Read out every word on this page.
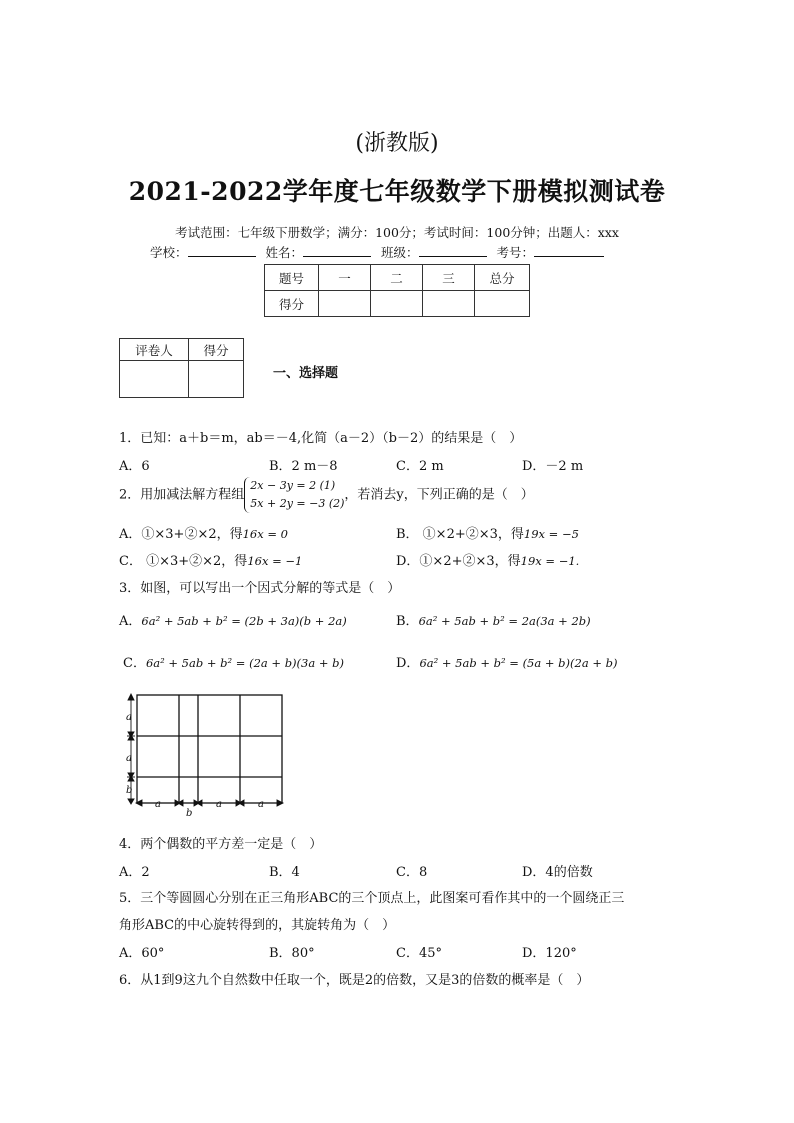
(浙教版)
2021-2022学年度七年级数学下册模拟测试卷
考试范围：七年级下册数学；满分：100分；考试时间：100分钟；出题人：xxx
学校：	姓名：	班级：	考号：
题号	一	二	三	总分
得分				
评卷人	得分

一、选择题
1．已知：a＋b＝m，ab＝－4,化简（a－2）（b－2）的结果是（　）
A．6	B．2 m－8	C．2 m	D．－2 m
2．用加减法解方程组2x − 3y = 2 (1)
5x + 2y = −3 (2)，若消去y，下列正确的是（　）
A．①×3+②×2，得16x = 0	B． ①×2+②×3，得19x = −5
C． ①×3+②×2，得16x = −1	D．①×2+②×3，得19x = −1.
3．如图，可以写出一个因式分解的等式是（　）
A．6a² + 5ab + b² = (2b + 3a)(b + 2a)	B．6a² + 5ab + b² = 2a(3a + 2b)
C．6a² + 5ab + b² = (2a + b)(3a + b)	D．6a² + 5ab + b² = (5a + b)(2a + b)
a
a
b
a
b
a	a
4．两个偶数的平方差一定是（　）
A．2	B．4	C．8	D．4的倍数
5．三个等圆圆心分别在正三角形ABC的三个顶点上，此图案可看作其中的一个圆绕正三
角形ABC的中心旋转得到的，其旋转角为（　）
A．60°	B．80°	C．45°	D．120°
6．从1到9这九个自然数中任取一个，既是2的倍数，又是3的倍数的概率是（　）
